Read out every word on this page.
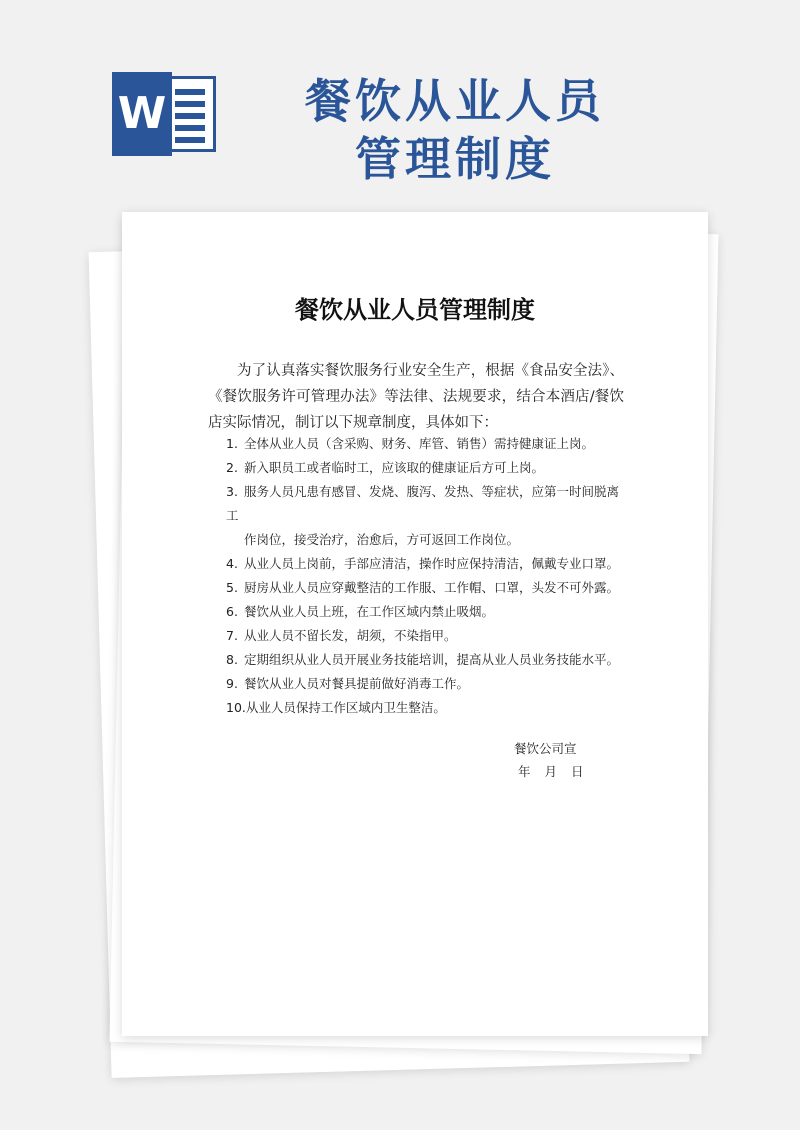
W	餐饮从业人员
管理制度
餐饮从业人员管理制度
为了认真落实餐饮服务行业安全生产，根据《食品安全法》、《餐饮服务许可管理办法》等法律、法规要求，结合本酒店/餐饮店实际情况，制订以下规章制度，具体如下：
1. 全体从业人员（含采购、财务、库管、销售）需持健康证上岗。
2. 新入职员工或者临时工，应该取的健康证后方可上岗。
3. 服务人员凡患有感冒、发烧、腹泻、发热、等症状，应第一时间脱离工
作岗位，接受治疗，治愈后，方可返回工作岗位。
4. 从业人员上岗前，手部应清洁，操作时应保持清洁，佩戴专业口罩。
5. 厨房从业人员应穿戴整洁的工作服、工作帽、口罩，头发不可外露。
6. 餐饮从业人员上班，在工作区域内禁止吸烟。
7. 从业人员不留长发，胡须，不染指甲。
8. 定期组织从业人员开展业务技能培训，提高从业人员业务技能水平。
9. 餐饮从业人员对餐具提前做好消毒工作。
10.从业人员保持工作区域内卫生整洁。
餐饮公司宣
年 月 日
